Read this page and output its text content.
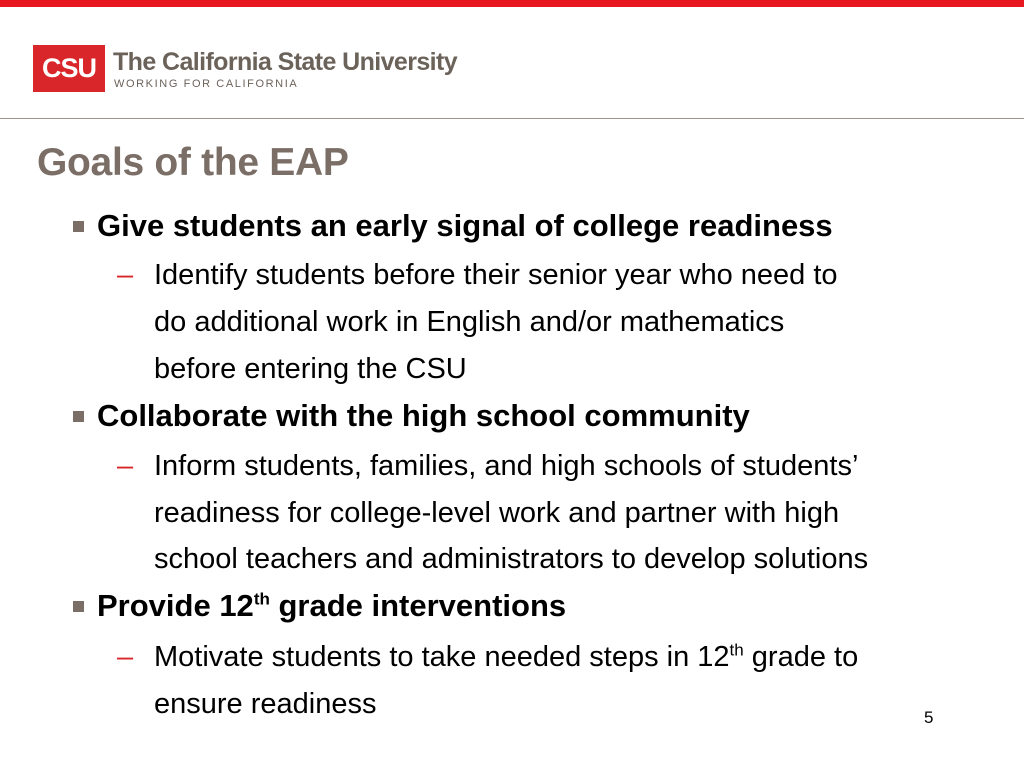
CSU The California State University
WORKING FOR CALIFORNIA
Goals of the EAP
Give students an early signal of college readiness
– Identify students before their senior year who need to
do additional work in English and/or mathematics
before entering the CSU
Collaborate with the high school community
– Inform students, families, and high schools of students’
readiness for college-level work and partner with high
school teachers and administrators to develop solutions
Provide 12th grade interventions
– Motivate students to take needed steps in 12th grade to
ensure readiness	5
